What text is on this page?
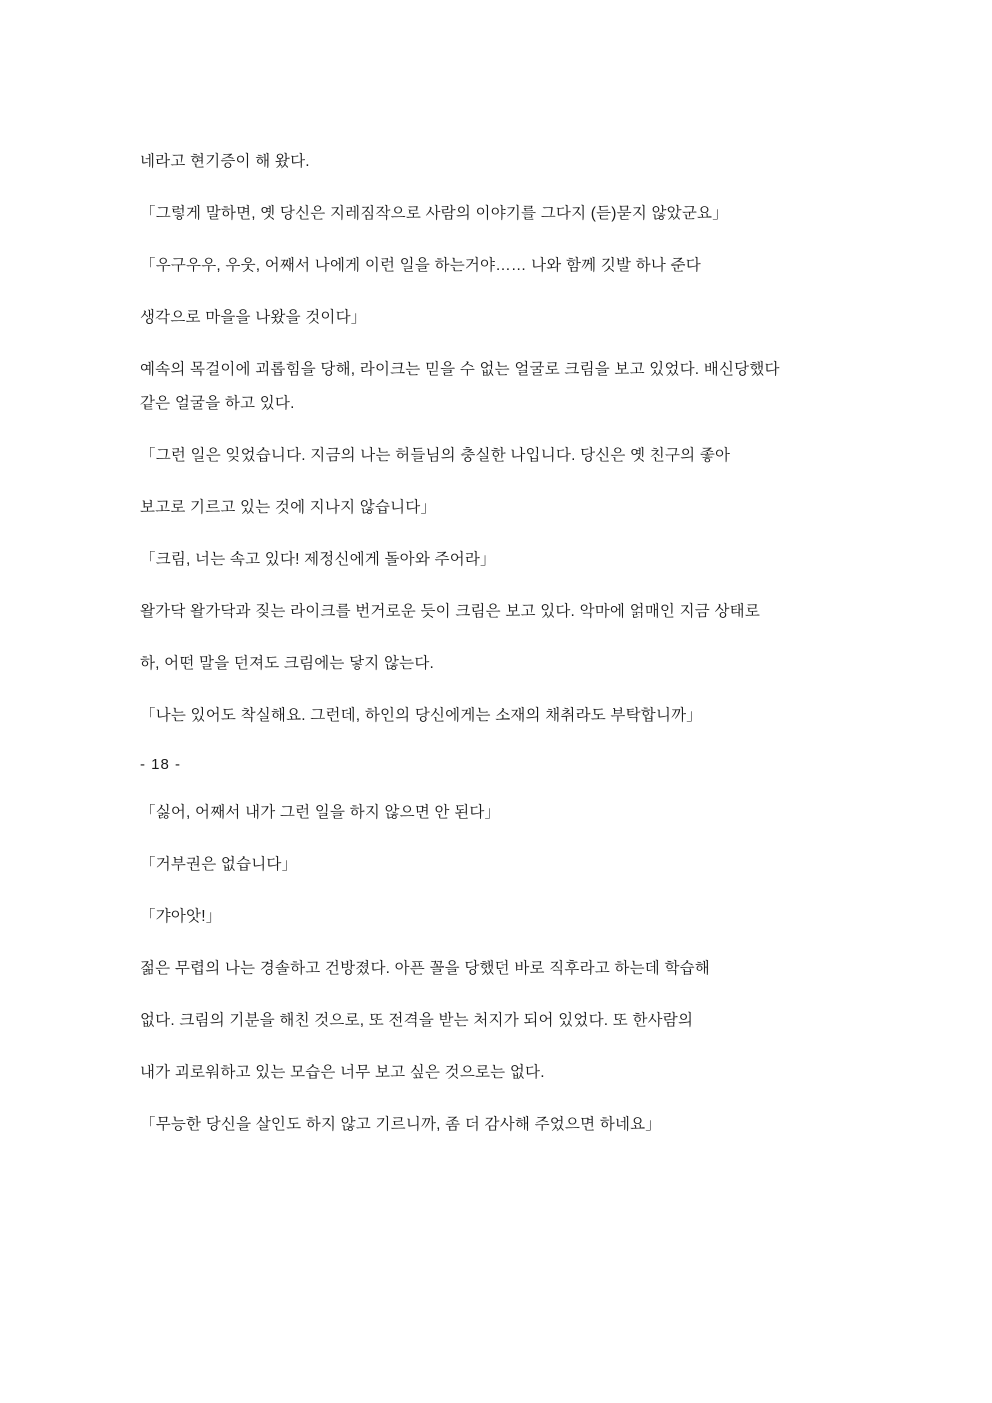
네라고 현기증이 해 왔다.

「그렇게 말하면, 옛 당신은 지레짐작으로 사람의 이야기를 그다지 (듣)묻지 않았군요」

「우구우우, 우웃, 어째서 나에게 이런 일을 하는거야…… 나와 함께 깃발 하나 준다

생각으로 마을을 나왔을 것이다」

예속의 목걸이에 괴롭힘을 당해, 라이크는 믿을 수 없는 얼굴로 크림을 보고 있었다. 배신당했다

같은 얼굴을 하고 있다.

「그런 일은 잊었습니다. 지금의 나는 허들님의 충실한 나입니다. 당신은 옛 친구의 좋아

보고로 기르고 있는 것에 지나지 않습니다」

「크림, 너는 속고 있다! 제정신에게 돌아와 주어라」

왈가닥 왈가닥과 짖는 라이크를 번거로운 듯이 크림은 보고 있다. 악마에 얽매인 지금 상태로

하, 어떤 말을 던져도 크림에는 닿지 않는다.

「나는 있어도 착실해요. 그런데, 하인의 당신에게는 소재의 채취라도 부탁합니까」

- 18 -

「싫어, 어째서 내가 그런 일을 하지 않으면 안 된다」

「거부권은 없습니다」

「갸아앗!」

젊은 무렵의 나는 경솔하고 건방졌다. 아픈 꼴을 당했던 바로 직후라고 하는데 학습해

없다. 크림의 기분을 해친 것으로, 또 전격을 받는 처지가 되어 있었다. 또 한사람의

내가 괴로워하고 있는 모습은 너무 보고 싶은 것으로는 없다.

「무능한 당신을 살인도 하지 않고 기르니까, 좀 더 감사해 주었으면 하네요」
